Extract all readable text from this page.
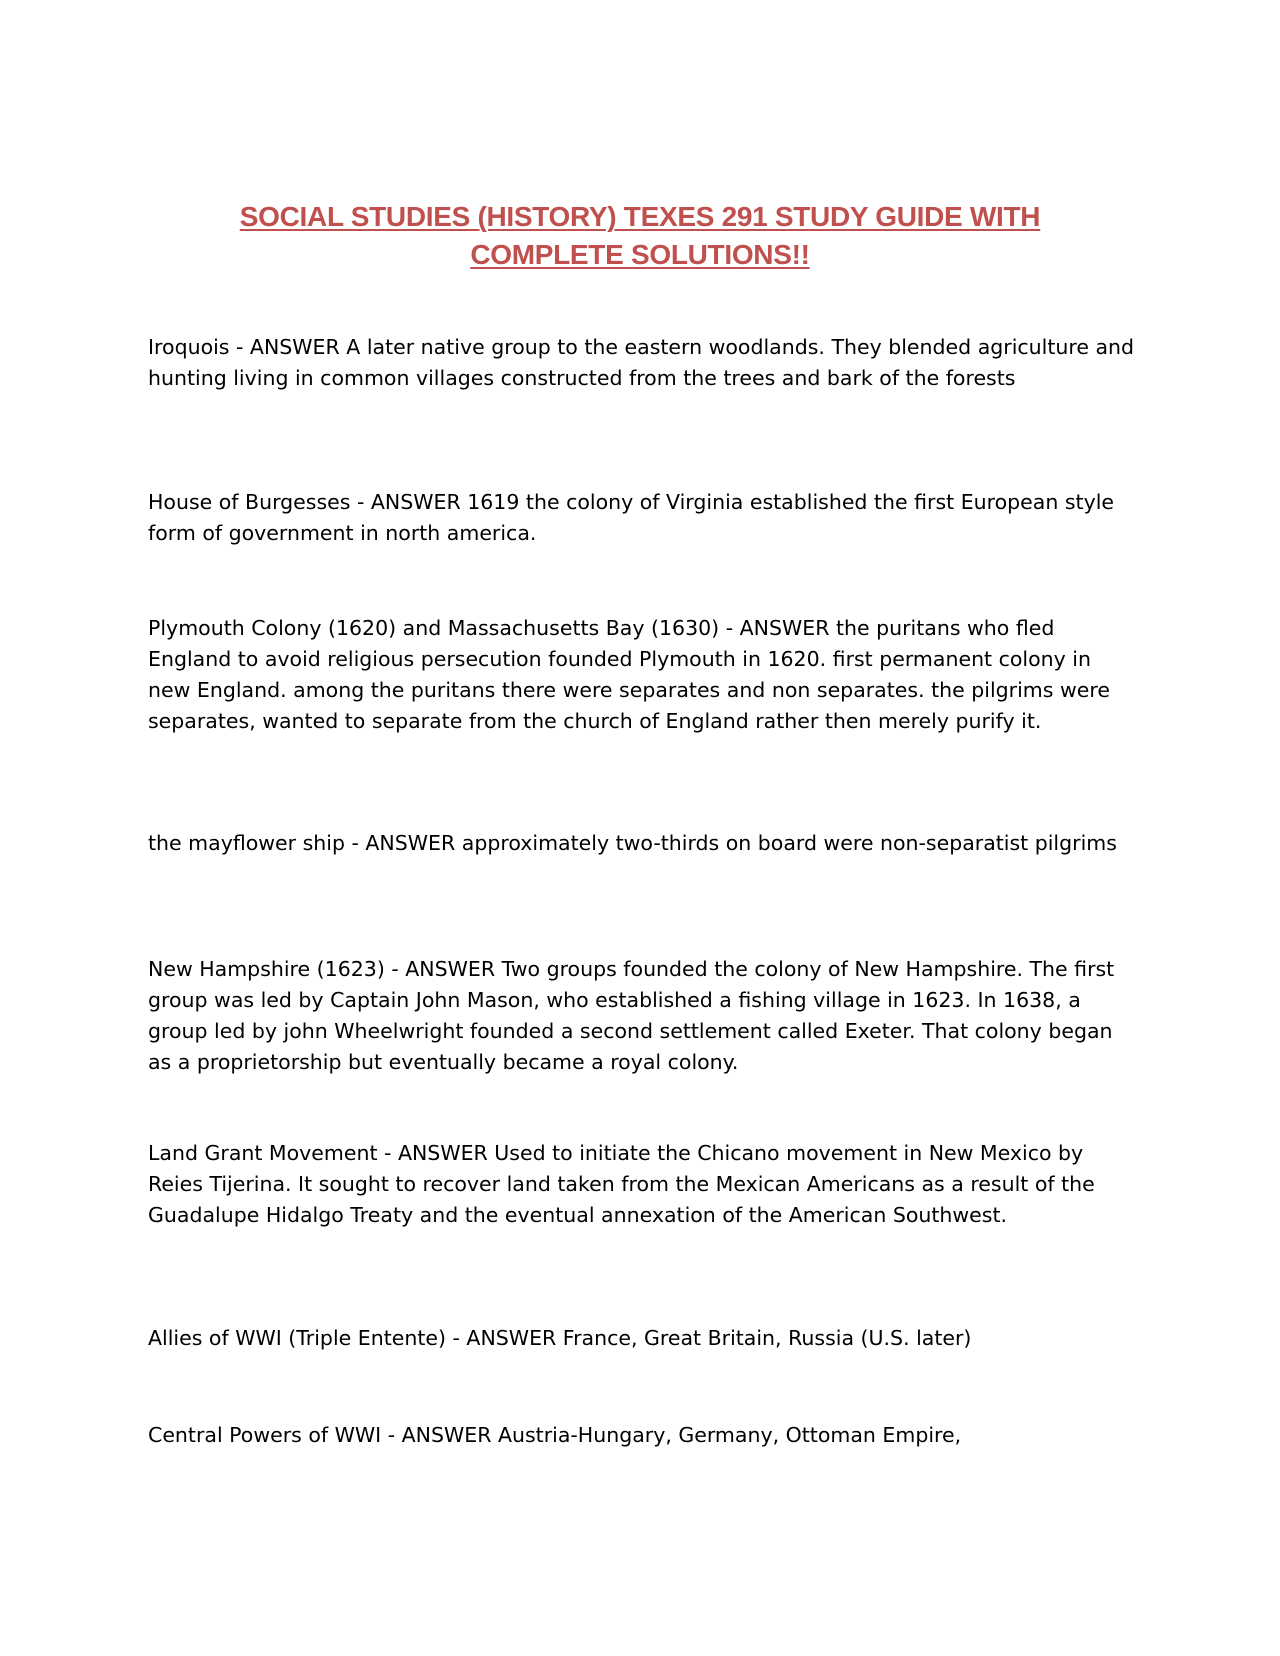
SOCIAL STUDIES (HISTORY) TEXES 291 STUDY GUIDE WITH
COMPLETE SOLUTIONS!!

Iroquois - ANSWER A later native group to the eastern woodlands. They blended agriculture and hunting living in common villages constructed from the trees and bark of the forests

House of Burgesses - ANSWER 1619 the colony of Virginia established the first European style form of government in north america.

Plymouth Colony (1620) and Massachusetts Bay (1630) - ANSWER the puritans who fled England to avoid religious persecution founded Plymouth in 1620. first permanent colony in new England. among the puritans there were separates and non separates. the pilgrims were separates, wanted to separate from the church of England rather then merely purify it.

the mayflower ship - ANSWER approximately two-thirds on board were non-separatist pilgrims

New Hampshire (1623) - ANSWER Two groups founded the colony of New Hampshire. The first group was led by Captain John Mason, who established a fishing village in 1623. In 1638, a group led by john Wheelwright founded a second settlement called Exeter. That colony began as a proprietorship but eventually became a royal colony.

Land Grant Movement - ANSWER Used to initiate the Chicano movement in New Mexico by Reies Tijerina. It sought to recover land taken from the Mexican Americans as a result of the Guadalupe Hidalgo Treaty and the eventual annexation of the American Southwest.

Allies of WWI (Triple Entente) - ANSWER France, Great Britain, Russia (U.S. later)

Central Powers of WWI - ANSWER Austria-Hungary, Germany, Ottoman Empire,
